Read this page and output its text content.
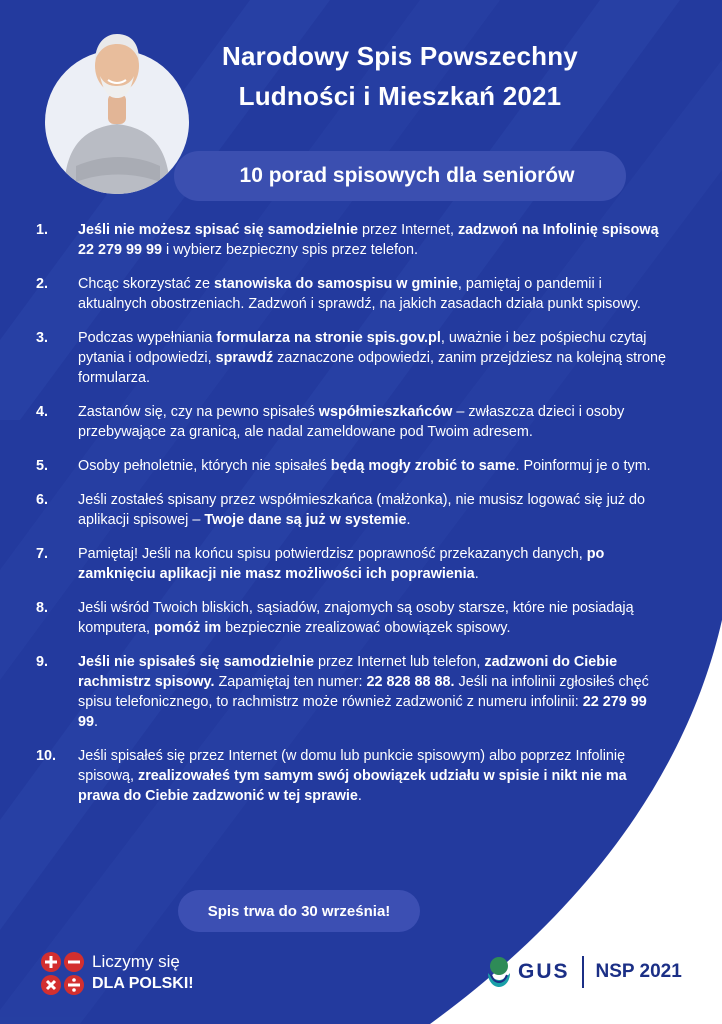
Narodowy Spis Powszechny
Ludności i Mieszkań 2021
10 porad spisowych dla seniorów
1.	Jeśli nie możesz spisać się samodzielnie przez Internet, zadzwoń na Infolinię spisową 22 279 99 99 i wybierz bezpieczny spis przez telefon.
2.	Chcąc skorzystać ze stanowiska do samospisu w gminie, pamiętaj o pandemii i aktualnych obostrzeniach. Zadzwoń i sprawdź, na jakich zasadach działa punkt spisowy.
3.	Podczas wypełniania formularza na stronie spis.gov.pl, uważnie i bez pośpiechu czytaj pytania i odpowiedzi, sprawdź zaznaczone odpowiedzi, zanim przejdziesz na kolejną stronę formularza.
4.	Zastanów się, czy na pewno spisałeś współmieszkańców – zwłaszcza dzieci i osoby przebywające za granicą, ale nadal zameldowane pod Twoim adresem.
5.	Osoby pełnoletnie, których nie spisałeś będą mogły zrobić to same. Poinformuj je o tym.
6.	Jeśli zostałeś spisany przez współmieszkańca (małżonka), nie musisz logować się już do aplikacji spisowej – Twoje dane są już w systemie.
7.	Pamiętaj! Jeśli na końcu spisu potwierdzisz poprawność przekazanych danych, po zamknięciu aplikacji nie masz możliwości ich poprawienia.
8.	Jeśli wśród Twoich bliskich, sąsiadów, znajomych są osoby starsze, które nie posiadają komputera, pomóż im bezpiecznie zrealizować obowiązek spisowy.
9.	Jeśli nie spisałeś się samodzielnie przez Internet lub telefon, zadzwoni do Ciebie rachmistrz spisowy. Zapamiętaj ten numer: 22 828 88 88. Jeśli na infolinii zgłosiłeś chęć spisu telefonicznego, to rachmistrz może również zadzwonić z numeru infolinii: 22 279 99 99.
10.	Jeśli spisałeś się przez Internet (w domu lub punkcie spisowym) albo poprzez Infolinię spisową, zrealizowałeś tym samym swój obowiązek udziału w spisie i nikt nie ma prawa do Ciebie zadzwonić w tej sprawie.
Spis trwa do 30 września!
Liczymy się
DLA POLSKI!
GUS NSP 2021
